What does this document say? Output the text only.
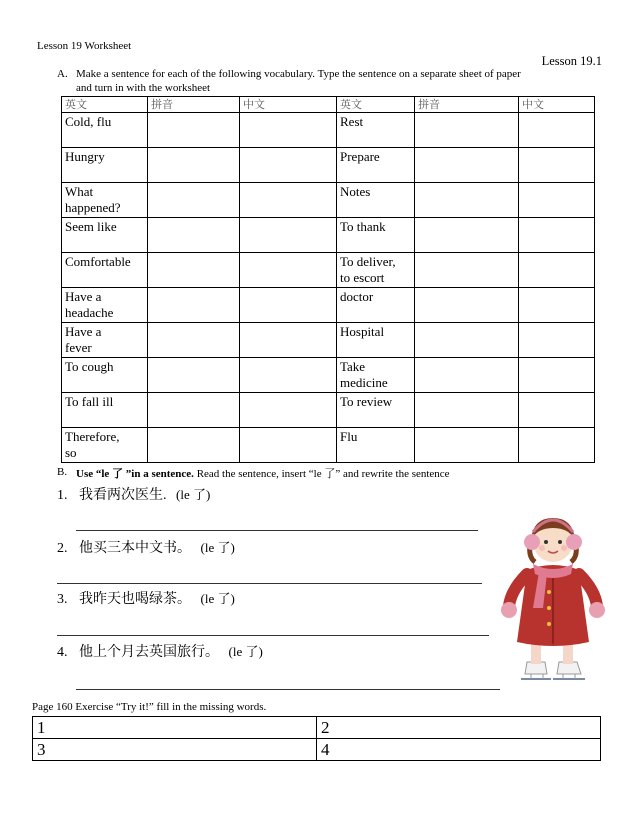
Lesson 19 Worksheet
Lesson 19.1
A. Make a sentence for each of the following vocabulary. Type the sentence on a separate sheet of paper
and turn in with the worksheet
英文	拼音	中文	英文	拼音	中文

Cold, flu			Rest		

Hungry			Prepare		

What
happened?			Notes		

Seem like			To thank		

Comfortable			To deliver,
to escort		

Have a
headache			doctor		

Have a
fever			Hospital		

To cough			Take
medicine		

To fall ill			To review		

Therefore,
so			Flu		

B. Use “le 了 ”in a sentence. Read the sentence, insert “le 了” and rewrite the sentence
1. 我看两次医生. (le 了)
2. 他买三本中文书。 (le 了)
3. 我昨天也喝绿茶。 (le 了)
4. 他上个月去英国旅行。 (le 了)
Page 160 Exercise “Try it!” fill in the missing words.
1	2
3	4
